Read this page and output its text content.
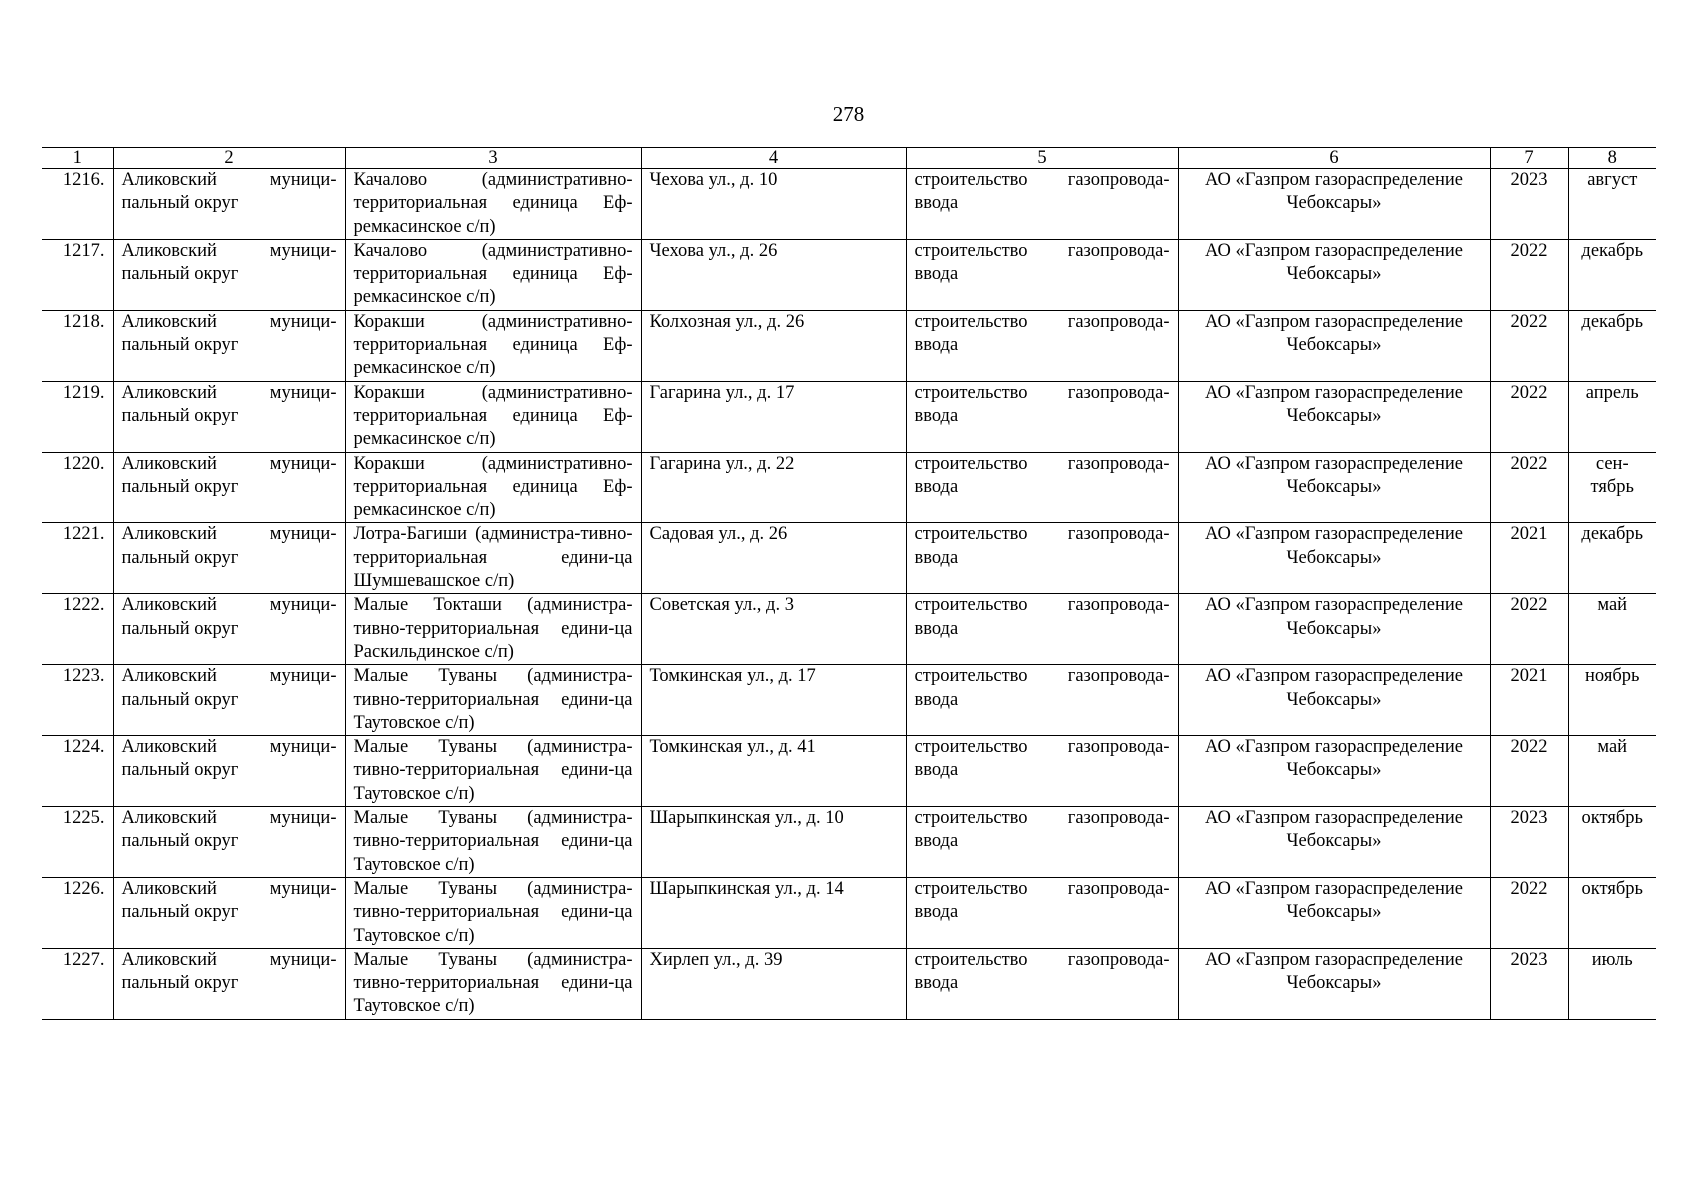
278
1	2	3	4	5	6	7	8
1216.	Аликовский муници-пальный округ	Качалово (административно-территориальная единица Еф-ремкасинское с/п)	Чехова ул., д. 10	строительство газопровода-ввода	АО «Газпром газораспределение Чебоксары»	2023	август
1217.	Аликовский муници-пальный округ	Качалово (административно-территориальная единица Еф-ремкасинское с/п)	Чехова ул., д. 26	строительство газопровода-ввода	АО «Газпром газораспределение Чебоксары»	2022	декабрь
1218.	Аликовский муници-пальный округ	Коракши (административно-территориальная единица Еф-ремкасинское с/п)	Колхозная ул., д. 26	строительство газопровода-ввода	АО «Газпром газораспределение Чебоксары»	2022	декабрь
1219.	Аликовский муници-пальный округ	Коракши (административно-территориальная единица Еф-ремкасинское с/п)	Гагарина ул., д. 17	строительство газопровода-ввода	АО «Газпром газораспределение Чебоксары»	2022	апрель
1220.	Аликовский муници-пальный округ	Коракши (административно-территориальная единица Еф-ремкасинское с/п)	Гагарина ул., д. 22	строительство газопровода-ввода	АО «Газпром газораспределение Чебоксары»	2022	сен-тябрь
1221.	Аликовский муници-пальный округ	Лотра-Багиши (администра-тивно-территориальная едини-ца Шумшевашское с/п)	Садовая ул., д. 26	строительство газопровода-ввода	АО «Газпром газораспределение Чебоксары»	2021	декабрь
1222.	Аликовский муници-пальный округ	Малые Токташи (администра-тивно-территориальная едини-ца Раскильдинское с/п)	Советская ул., д. 3	строительство газопровода-ввода	АО «Газпром газораспределение Чебоксары»	2022	май
1223.	Аликовский муници-пальный округ	Малые Туваны (администра-тивно-территориальная едини-ца Таутовское с/п)	Томкинская ул., д. 17	строительство газопровода-ввода	АО «Газпром газораспределение Чебоксары»	2021	ноябрь
1224.	Аликовский муници-пальный округ	Малые Туваны (администра-тивно-территориальная едини-ца Таутовское с/п)	Томкинская ул., д. 41	строительство газопровода-ввода	АО «Газпром газораспределение Чебоксары»	2022	май
1225.	Аликовский муници-пальный округ	Малые Туваны (администра-тивно-территориальная едини-ца Таутовское с/п)	Шарыпкинская ул., д. 10	строительство газопровода-ввода	АО «Газпром газораспределение Чебоксары»	2023	октябрь
1226.	Аликовский муници-пальный округ	Малые Туваны (администра-тивно-территориальная едини-ца Таутовское с/п)	Шарыпкинская ул., д. 14	строительство газопровода-ввода	АО «Газпром газораспределение Чебоксары»	2022	октябрь
1227.	Аликовский муници-пальный округ	Малые Туваны (администра-тивно-территориальная едини-ца Таутовское с/п)	Хирлеп ул., д. 39	строительство газопровода-ввода	АО «Газпром газораспределение Чебоксары»	2023	июль
